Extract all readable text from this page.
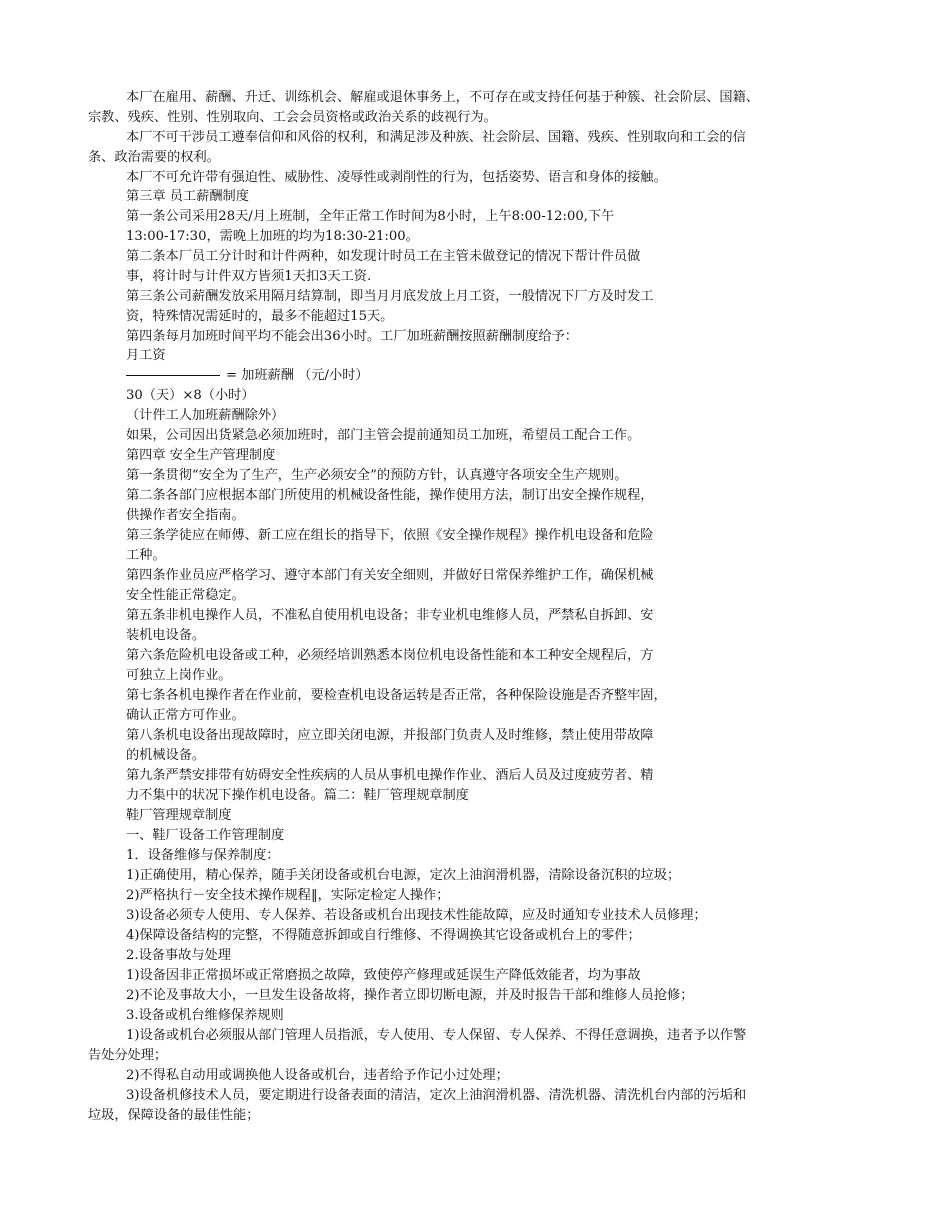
本厂在雇用、薪酬、升迁、训练机会、解雇或退休事务上，不可存在或支持任何基于种簇、社会阶层、国籍、
宗教、残疾、性别、性别取向、工会会员资格或政治关系的歧视行为。
本厂不可干涉员工遵奉信仰和风俗的权利，和满足涉及种族、社会阶层、国籍、残疾、性别取向和工会的信
条、政治需要的权利。
本厂不可允许带有强迫性、威胁性、凌辱性或剥削性的行为，包括姿势、语言和身体的接触。
第三章 员工薪酬制度
第一条公司采用28天/月上班制，全年正常工作时间为8小时，上午8:00-12:00,下午
13:00-17:30，需晚上加班的均为18:30-21:00。
第二条本厂员工分计时和计件两种，如发现计时员工在主管未做登记的情况下帮计件员做
事，将计时与计件双方皆须1天扣3天工资.
第三条公司薪酬发放采用隔月结算制，即当月月底发放上月工资，一般情况下厂方及时发工
资，特殊情况需延时的，最多不能超过15天。
第四条每月加班时间平均不能会出36小时。工厂加班薪酬按照薪酬制度给予：
月工资
= 加班薪酬 （元/小时）
30（天）×8（小时）
（计件工人加班薪酬除外）
如果，公司因出货紧急必须加班时，部门主管会提前通知员工加班，希望员工配合工作。
第四章 安全生产管理制度
第一条贯彻“安全为了生产，生产必须安全”的预防方针，认真遵守各项安全生产规则。
第二条各部门应根据本部门所使用的机械设备性能，操作使用方法，制订出安全操作规程，
供操作者安全指南。
第三条学徒应在师傅、新工应在组长的指导下，依照《安全操作规程》操作机电设备和危险
工种。
第四条作业员应严格学习、遵守本部门有关安全细则，并做好日常保养维护工作，确保机械
安全性能正常稳定。
第五条非机电操作人员，不准私自使用机电设备；非专业机电维修人员，严禁私自拆卸、安
装机电设备。
第六条危险机电设备或工种，必须经培训熟悉本岗位机电设备性能和本工种安全规程后，方
可独立上岗作业。
第七条各机电操作者在作业前，要检查机电设备运转是否正常，各种保险设施是否齐整牢固，
确认正常方可作业。
第八条机电设备出现故障时，应立即关闭电源，并报部门负责人及时维修，禁止使用带故障
的机械设备。
第九条严禁安排带有妨碍安全性疾病的人员从事机电操作作业、酒后人员及过度疲劳者、精
力不集中的状况下操作机电设备。篇二：鞋厂管理规章制度
鞋厂管理规章制度
一、鞋厂设备工作管理制度
1．设备维修与保养制度：
1)正确使用，精心保养，随手关闭设备或机台电源，定次上油润滑机器，清除设备沉积的垃圾；
2)严格执行－安全技术操作规程‖，实际定检定人操作；
3)设备必须专人使用、专人保养、若设备或机台出现技术性能故障，应及时通知专业技术人员修理；
4)保障设备结构的完整，不得随意拆卸或自行维修、不得调换其它设备或机台上的零件；
2.设备事故与处理
1)设备因非正常损坏或正常磨损之故障，致使停产修理或延误生产降低效能者，均为事故
2)不论及事故大小，一旦发生设备故将，操作者立即切断电源，并及时报告干部和维修人员抢修；
3.设备或机台维修保养规则
1)设备或机台必须服从部门管理人员指派，专人使用、专人保留、专人保养、不得任意调换，违者予以作警
告处分处理；
2)不得私自动用或调换他人设备或机台，违者给予作记小过处理；
3)设备机修技术人员，要定期进行设备表面的清洁，定次上油润滑机器、清洗机器、清洗机台内部的污垢和
垃圾，保障设备的最佳性能；
